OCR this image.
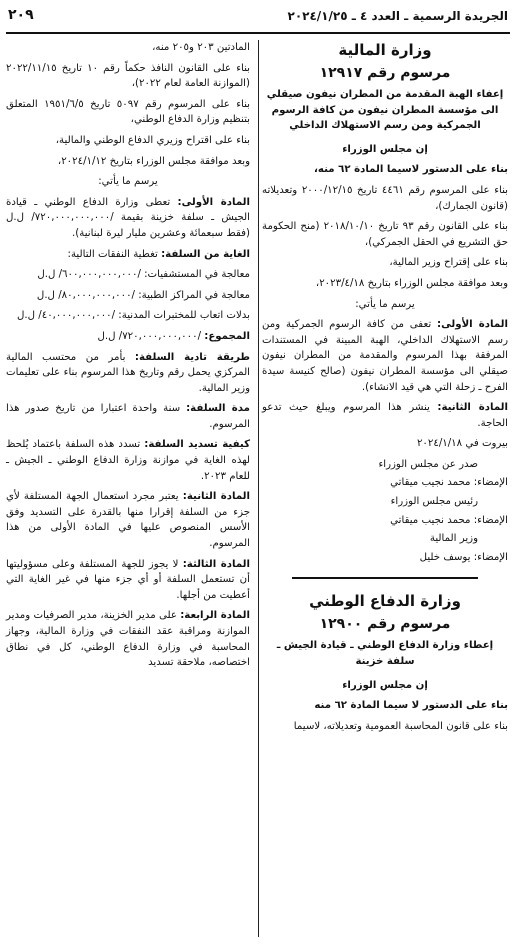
الجريدة الرسمية ـ العدد ٤ ـ ٢٠٢٤/١/٢٥
٢٠٩
وزارة المالية
مرسوم رقم ١٢٩١٧
إعفاء الهبة المقدمة من المطران نيفون صيقلي الى مؤسسة المطران نيفون من كافة الرسوم الجمركية ومن رسم الاستهلاك الداخلي

إن مجلس الوزراء

بناء على الدستور لاسيما المادة ٦٢ منه،

بناء على المرسوم رقم ٤٤٦١ تاريخ ٢٠٠٠/١٢/١٥ وتعديلاته (قانون الجمارك)،

بناء على القانون رقم ٩٣ تاريخ ٢٠١٨/١٠/١٠ (منح الحكومة حق التشريع في الحقل الجمركي)،

بناء على إقتراح وزير المالية،

وبعد موافقة مجلس الوزراء بتاريخ ٢٠٢٣/٤/١٨،

يرسم ما يأتي:

المادة الأولى: تعفى من كافة الرسوم الجمركية ومن رسم الاستهلاك الداخلي، الهبة المبينة في المستندات المرفقة بهذا المرسوم والمقدمة من المطران نيفون صيقلي الى مؤسسة المطران نيفون (صالح كنيسة سيدة الفرح ـ زحلة التي هي قيد الانشاء).

المادة الثانية: ينشر هذا المرسوم ويبلغ حيث تدعو الحاجة.

بيروت في ٢٠٢٤/١/١٨

صدر عن مجلس الوزراء

الإمضاء: محمد نجيب ميقاتي

رئيس مجلس الوزراء

الإمضاء: محمد نجيب ميقاتي

وزير المالية

الإمضاء: يوسف خليل

وزارة الدفاع الوطني
مرسوم رقم ١٢٩٠٠
إعطاء وزارة الدفاع الوطني ـ قيادة الجيش ـ سلفة خزينة

إن مجلس الوزراء

بناء على الدستور لا سيما المادة ٦٢ منه

بناء على قانون المحاسبة العمومية وتعديلاته، لاسيما

المادتين ٢٠٣ و٢٠٥ منه،

بناء على القانون النافذ حكماً رقم ١٠ تاريخ ٢٠٢٢/١١/١٥ (الموازنة العامة لعام ٢٠٢٢)،

بناء على المرسوم رقم ٥٠٩٧ تاريخ ١٩٥١/٦/٥ المتعلق بتنظيم وزارة الدفاع الوطني،

بناء على اقتراح وزيري الدفاع الوطني والمالية،

وبعد موافقة مجلس الوزراء بتاريخ ٢٠٢٤/١/١٢،

يرسم ما يأتي:

المادة الأولى: تعطى وزارة الدفاع الوطني ـ قيادة الجيش ـ سلفة خزينة بقيمة /٧٢٠,٠٠٠,٠٠٠,٠٠٠/ ل.ل (فقط سبعمائة وعشرين مليار ليرة لبنانية).

الغاية من السلفة: تغطية النفقات التالية:

معالجة في المستشفيات: /٦٠٠,٠٠٠,٠٠٠,٠٠٠/ ل.ل

معالجة في المراكز الطبية: /٨٠,٠٠٠,٠٠٠,٠٠٠/ ل.ل

بدلات اتعاب للمختبرات المدنية: /٤٠,٠٠٠,٠٠٠,٠٠٠/ ل.ل

المجموع: /٧٢٠,٠٠٠,٠٠٠,٠٠٠/ ل.ل

طريقة تادية السلفة: بأمر من محتسب المالية المركزي يحمل رقم وتاريخ هذا المرسوم بناء على تعليمات وزير المالية.

مدة السلفة: سنة واحدة اعتبارا من تاريخ صدور هذا المرسوم.

كيفية تسديد السلفة: تسدد هذه السلفة باعتماد يُلحظ لهذه الغاية في موازنة وزارة الدفاع الوطني ـ الجيش ـ للعام ٢٠٢٣.

المادة الثانية: يعتبر مجرد استعمال الجهة المستلفة لأي جزء من السلفة إقرارا منها بالقدرة على التسديد وفق الأسس المنصوص عليها في المادة الأولى من هذا المرسوم.

المادة الثالثة: لا يجوز للجهة المستلفة وعلى مسؤوليتها أن تستعمل السلفة أو أي جزء منها في غير الغاية التي أعطيت من أجلها.

المادة الرابعة: على مدير الخزينة، مدير الصرفيات ومدير الموازنة ومراقبة عقد النفقات في وزارة المالية، وجهاز المحاسبة في وزارة الدفاع الوطني، كل في نطاق اختصاصه، ملاحقة تسديد
